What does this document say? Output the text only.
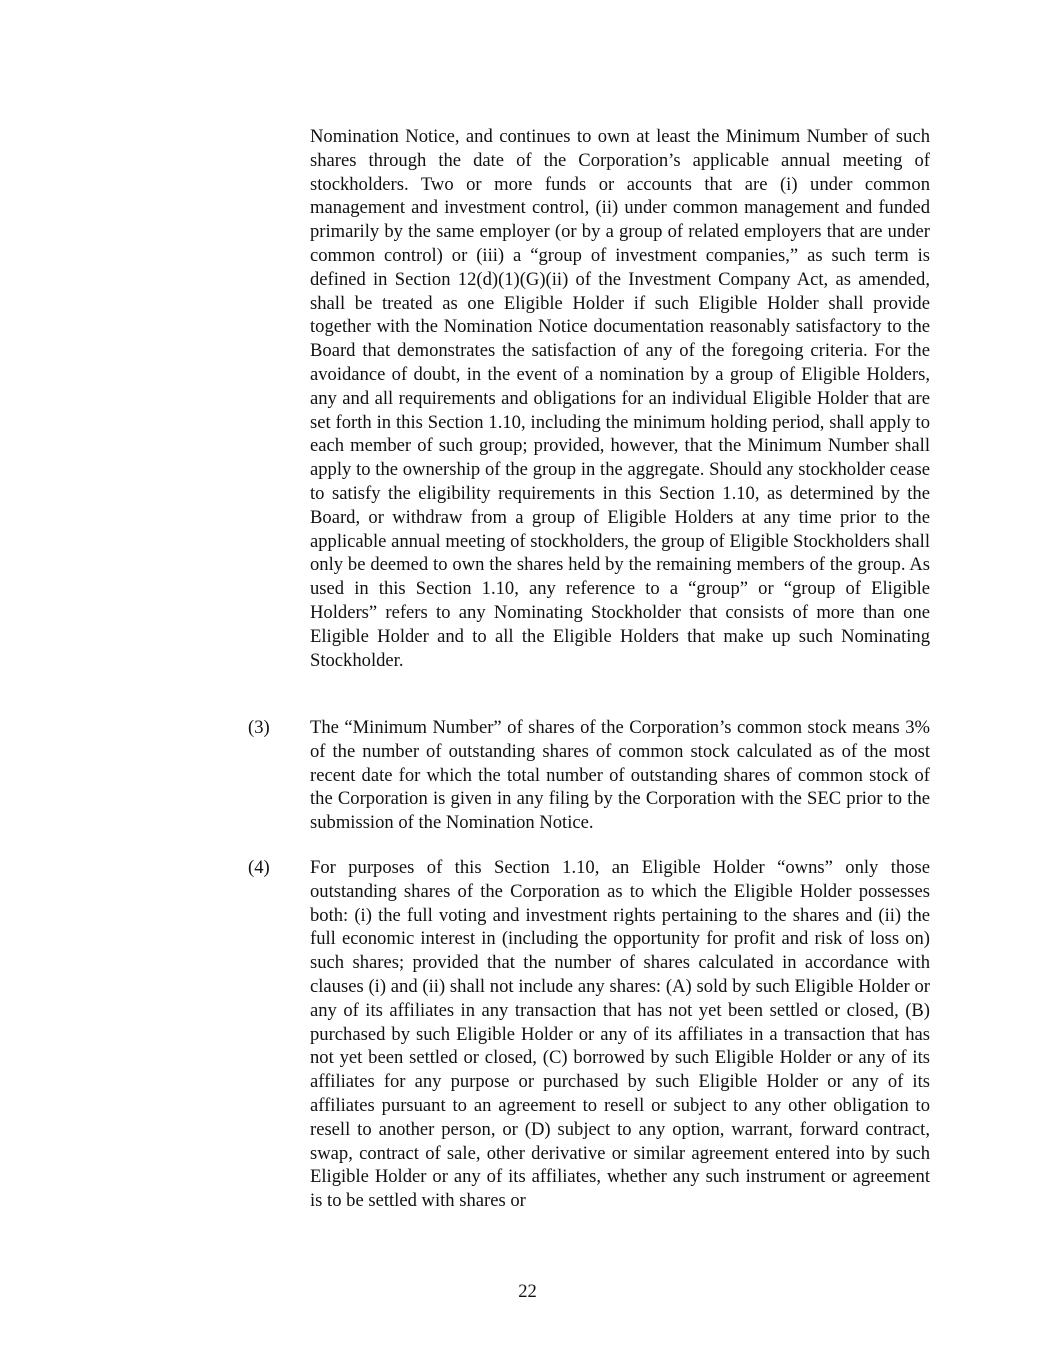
Nomination Notice, and continues to own at least the Minimum Number of such shares through the date of the Corporation’s applicable annual meeting of stockholders. Two or more funds or accounts that are (i) under common management and investment control, (ii) under common management and funded primarily by the same employer (or by a group of related employers that are under common control) or (iii) a “group of investment companies,” as such term is defined in Section 12(d)(1)(G)(ii) of the Investment Company Act, as amended, shall be treated as one Eligible Holder if such Eligible Holder shall provide together with the Nomination Notice documentation reasonably satisfactory to the Board that demonstrates the satisfaction of any of the foregoing criteria. For the avoidance of doubt, in the event of a nomination by a group of Eligible Holders, any and all requirements and obligations for an individual Eligible Holder that are set forth in this Section 1.10, including the minimum holding period, shall apply to each member of such group; provided, however, that the Minimum Number shall apply to the ownership of the group in the aggregate. Should any stockholder cease to satisfy the eligibility requirements in this Section 1.10, as determined by the Board, or withdraw from a group of Eligible Holders at any time prior to the applicable annual meeting of stockholders, the group of Eligible Stockholders shall only be deemed to own the shares held by the remaining members of the group. As used in this Section 1.10, any reference to a “group” or “group of Eligible Holders” refers to any Nominating Stockholder that consists of more than one Eligible Holder and to all the Eligible Holders that make up such Nominating Stockholder.

(3) The “Minimum Number” of shares of the Corporation’s common stock means 3% of the number of outstanding shares of common stock calculated as of the most recent date for which the total number of outstanding shares of common stock of the Corporation is given in any filing by the Corporation with the SEC prior to the submission of the Nomination Notice.

(4) For purposes of this Section 1.10, an Eligible Holder “owns” only those outstanding shares of the Corporation as to which the Eligible Holder possesses both: (i) the full voting and investment rights pertaining to the shares and (ii) the full economic interest in (including the opportunity for profit and risk of loss on) such shares; provided that the number of shares calculated in accordance with clauses (i) and (ii) shall not include any shares: (A) sold by such Eligible Holder or any of its affiliates in any transaction that has not yet been settled or closed, (B) purchased by such Eligible Holder or any of its affiliates in a transaction that has not yet been settled or closed, (C) borrowed by such Eligible Holder or any of its affiliates for any purpose or purchased by such Eligible Holder or any of its affiliates pursuant to an agreement to resell or subject to any other obligation to resell to another person, or (D) subject to any option, warrant, forward contract, swap, contract of sale, other derivative or similar agreement entered into by such Eligible Holder or any of its affiliates, whether any such instrument or agreement is to be settled with shares or

22
